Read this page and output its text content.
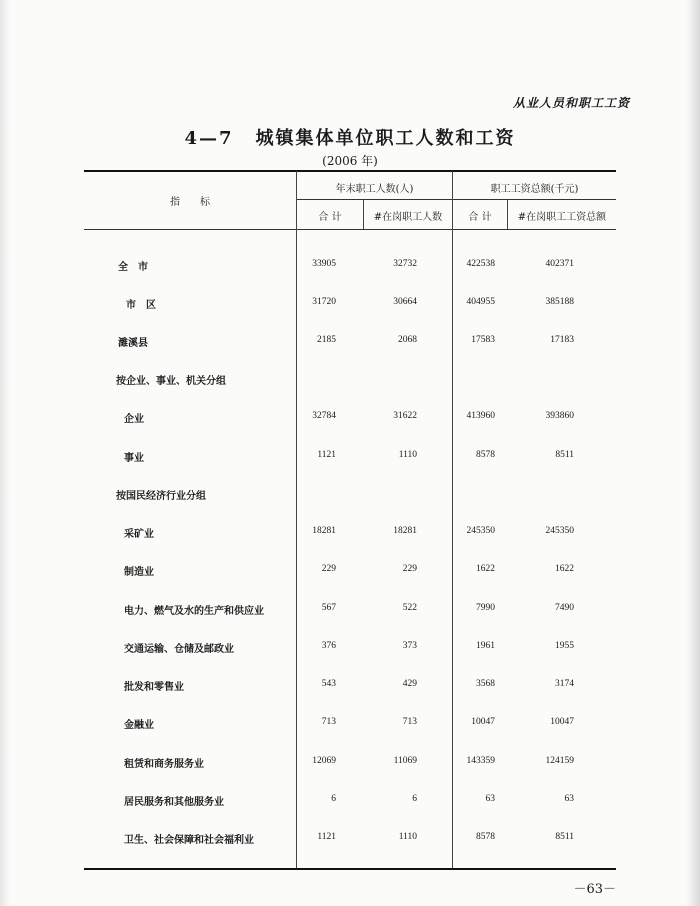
从业人员和职工工资
4—7 城镇集体单位职工人数和工资
(2006 年)
指　　标
年末职工人数(人)	职工工资总额(千元)
合 计	#在岗职工人数	合 计	#在岗职工工资总额
全　市	33905	32732	422538	402371
市　区	31720	30664	404955	385188
濉溪县	2185	2068	17583	17183
按企业、事业、机关分组
企业	32784	31622	413960	393860
事业	1121	1110	8578	8511
按国民经济行业分组
采矿业	18281	18281	245350	245350
制造业	229	229	1622	1622
电力、燃气及水的生产和供应业	567	522	7990	7490
交通运输、仓储及邮政业	376	373	1961	1955
批发和零售业	543	429	3568	3174
金融业	713	713	10047	10047
租赁和商务服务业	12069	11069	143359	124159
居民服务和其他服务业	6	6	63	63
卫生、社会保障和社会福利业	1121	1110	8578	8511
－63－
